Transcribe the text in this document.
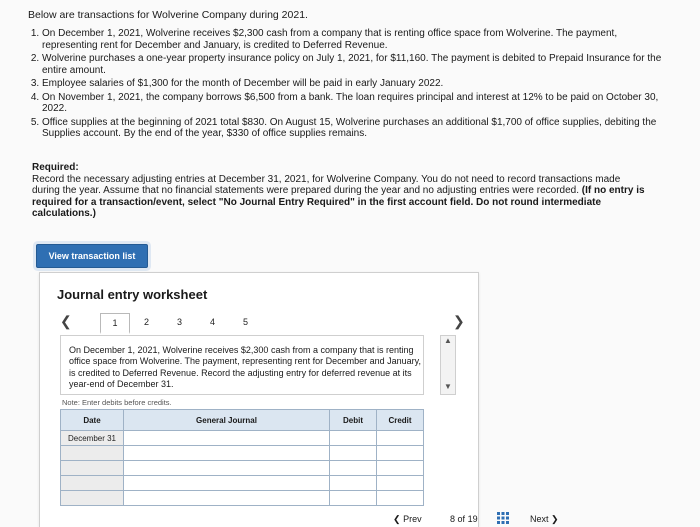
Below are transactions for Wolverine Company during 2021.
1. On December 1, 2021, Wolverine receives $2,300 cash from a company that is renting office space from Wolverine. The payment, representing rent for December and January, is credited to Deferred Revenue.
2. Wolverine purchases a one-year property insurance policy on July 1, 2021, for $11,160. The payment is debited to Prepaid Insurance for the entire amount.
3. Employee salaries of $1,300 for the month of December will be paid in early January 2022.
4. On November 1, 2021, the company borrows $6,500 from a bank. The loan requires principal and interest at 12% to be paid on October 30, 2022.
5. Office supplies at the beginning of 2021 total $830. On August 15, Wolverine purchases an additional $1,700 of office supplies, debiting the Supplies account. By the end of the year, $330 of office supplies remains.
Required:
Record the necessary adjusting entries at December 31, 2021, for Wolverine Company. You do not need to record transactions made during the year. Assume that no financial statements were prepared during the year and no adjusting entries were recorded. (If no entry is required for a transaction/event, select "No Journal Entry Required" in the first account field. Do not round intermediate calculations.)
View transaction list
Journal entry worksheet
❮	1	2	3	4	5	❯
On December 1, 2021, Wolverine receives $2,300 cash from a company that is renting office space from Wolverine. The payment, representing rent for December and January, is credited to Deferred Revenue. Record the adjusting entry for deferred revenue at its year-end of December 31.
▲
▼
Note: Enter debits before credits.
Date	General Journal	Debit	Credit
December 31			

❮ Prev	8 of 19	Next ❯
